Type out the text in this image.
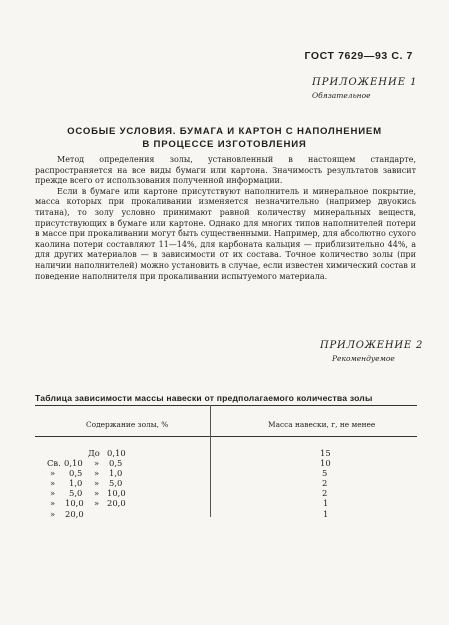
ГОСТ 7629—93 С. 7
ПРИЛОЖЕНИЕ 1
Обязательное
ОСОБЫЕ УСЛОВИЯ. БУМАГА И КАРТОН С НАПОЛНЕНИЕМ
В ПРОЦЕССЕ ИЗГОТОВЛЕНИЯ

Метод определения золы, установленный в настоящем стандарте, распространяется на все виды бумаги или картона. Значимость результатов зависит прежде всего от использования полученной информации.

Если в бумаге или картоне присутствуют наполнитель и минеральное покрытие, масса которых при прокаливании изменяется незначительно (например двуокись титана), то золу условно принимают равной количеству минеральных веществ, присутствующих в бумаге или картоне. Однако для многих типов наполнителей потери в массе при прокаливании могут быть существенными. Например, для абсолютно сухого каолина потери составляют 11—14%, для карбоната кальция — приблизительно 44%, а для других материалов — в зависимости от их состава. Точное количество золы (при наличии наполнителей) можно установить в случае, если известен химический состав и поведение наполнителя при прокаливании испытуемого материала.

ПРИЛОЖЕНИЕ 2
Рекомендуемое
Таблица зависимости массы навески от предполагаемого количества золы
Содержание золы, %	Масса навески, г, не менее
До 0,10	15
Св. 0,10 » 0,5	10
» 0,5 » 1,0	5
» 1,0 » 5,0	2
» 5,0 » 10,0	2
» 10,0 » 20,0	1
» 20,0	1
